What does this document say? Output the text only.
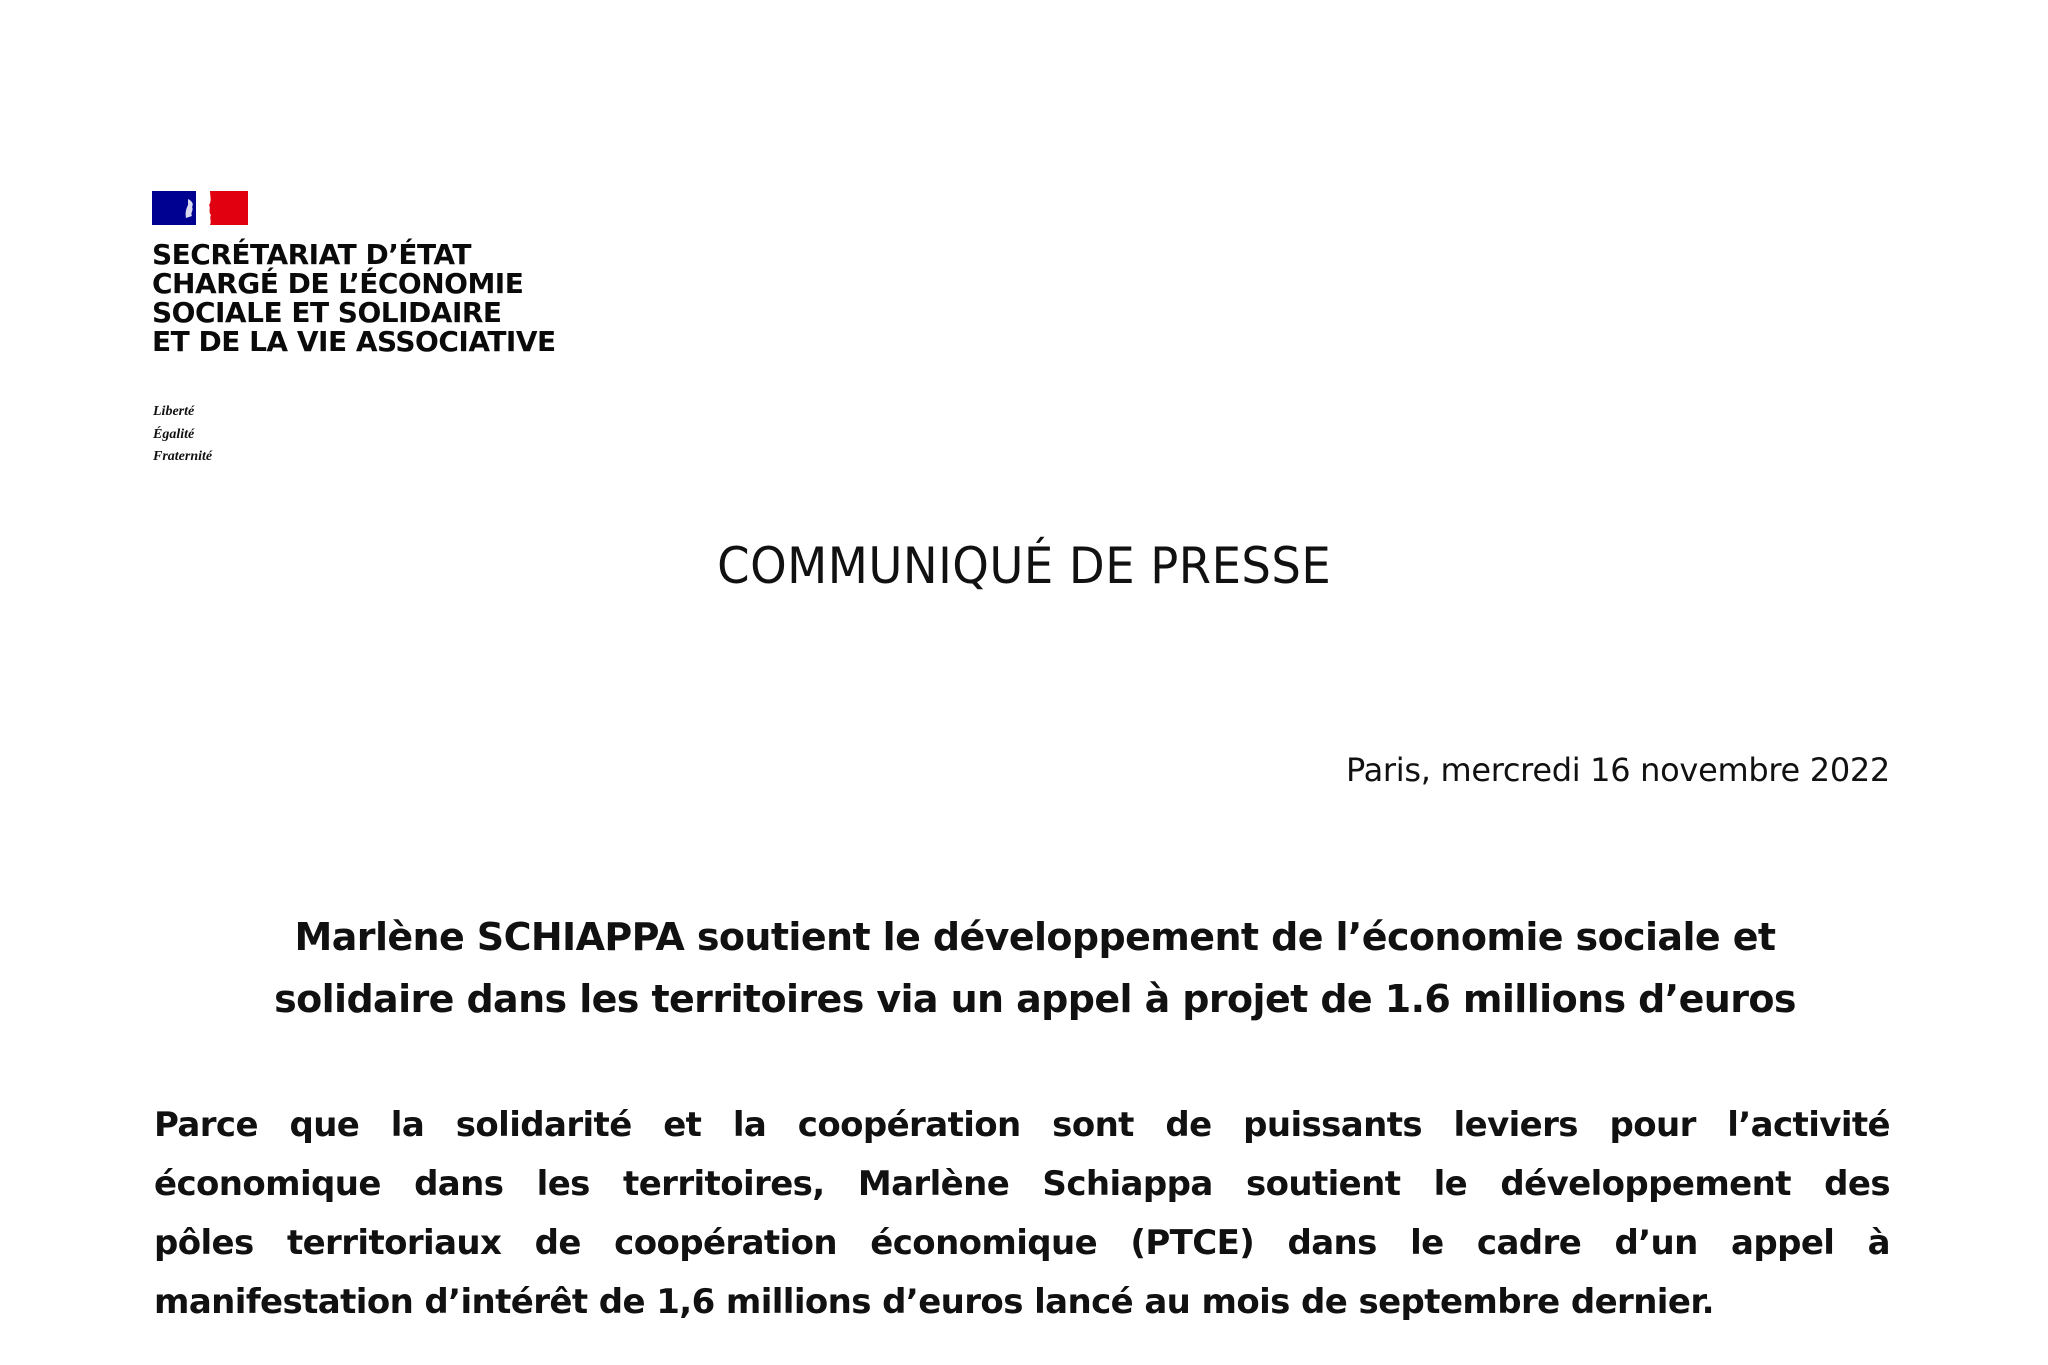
SECRÉTARIAT D’ÉTAT
CHARGÉ DE L’ÉCONOMIE
SOCIALE ET SOLIDAIRE
ET DE LA VIE ASSOCIATIVE
Liberté
Égalité
Fraternité
COMMUNIQUÉ DE PRESSE
Paris, mercredi 16 novembre 2022
Marlène SCHIAPPA soutient le développement de l’économie sociale et
solidaire dans les territoires via un appel à projet de 1.6 millions d’euros
Parce que la solidarité et la coopération sont de puissants leviers pour l’activité
économique dans les territoires, Marlène Schiappa soutient le développement des
pôles territoriaux de coopération économique (PTCE) dans le cadre d’un appel à
manifestation d’intérêt de 1,6 millions d’euros lancé au mois de septembre dernier.
